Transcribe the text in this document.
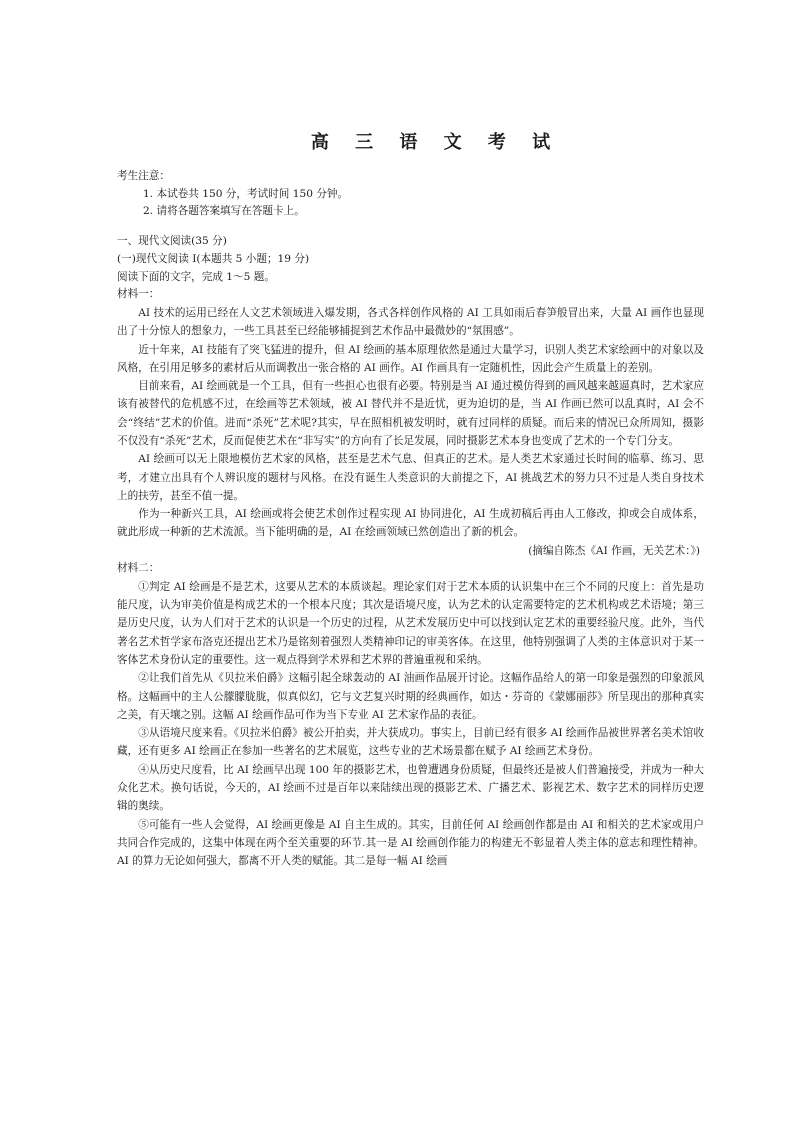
高 三 语 文 考 试

考生注意：

1. 本试卷共 150 分，考试时间 150 分钟。

2. 请将各题答案填写在答题卡上。

一、现代文阅读(35 分)

(一)现代文阅读 I(本题共 5 小题；19 分)

阅读下面的文字，完成 1～5 题。

材料一：

AI 技术的运用已经在人文艺术领域进入爆发期，各式各样创作风格的 AI 工具如雨后春笋般冒出来，大量 AI 画作也显现出了十分惊人的想象力，一些工具甚至已经能够捕捉到艺术作品中最微妙的“氛围感”。

近十年来，AI 技能有了突飞猛进的提升，但 AI 绘画的基本原理依然是通过大量学习，识别人类艺术家绘画中的对象以及风格，在引用足够多的素材后从而调教出一张合格的 AI 画作。AI 作画具有一定随机性，因此会产生质量上的差别。

目前来看，AI 绘画就是一个工具，但有一些担心也很有必要。特别是当 AI 通过模仿得到的画风越来越逼真时，艺术家应该有被替代的危机感不过，在绘画等艺术领域，被 AI 替代并不是近忧，更为迫切的是，当 AI 作画已然可以乱真时，AI 会不会“终结”艺术的价值。进而“杀死”艺术呢?其实，早在照相机被发明时，就有过同样的质疑。而后来的情况已众所周知，摄影不仅没有“杀死”艺术，反而促使艺术在“非写实”的方向有了长足发展，同时摄影艺术本身也变成了艺术的一个专门分支。

AI 绘画可以无上限地模仿艺术家的风格，甚至是艺术气息、但真正的艺术。是人类艺术家通过长时间的临摹、练习、思考，才建立出具有个人辨识度的题材与风格。在没有诞生人类意识的大前提之下，AI 挑战艺术的努力只不过是人类自身技术上的扶劳，甚至不值一提。

作为一种新兴工具，AI 绘画或将会使艺术创作过程实现 AI 协同进化，AI 生成初稿后再由人工修改，抑或会自成体系，就此形成一种新的艺术流派。当下能明确的是，AI 在绘画领域已然创造出了新的机会。

(摘编自陈杰《AI 作画，无关艺术：》)

材料二：

①判定 AI 绘画是不是艺术，这要从艺术的本质谈起。理论家们对于艺术本质的认识集中在三个不同的尺度上：首先是功能尺度，认为审美价值是构成艺术的一个根本尺度；其次是语境尺度，认为艺术的认定需要特定的艺术机构或艺术语境；第三是历史尺度，认为人们对于艺术的认识是一个历史的过程，从艺术发展历史中可以找到认定艺术的重要经验尺度。此外，当代著名艺术哲学家布洛克还提出艺术乃是铭刻着强烈人类精神印记的审美客体。在这里，他特别强调了人类的主体意识对于某一客体艺术身份认定的重要性。这一观点得到学术界和艺术界的普遍重视和采纳。

②让我们首先从《贝拉米伯爵》这幅引起全球轰动的 AI 油画作品展开讨论。这幅作品给人的第一印象是强烈的印象派风格。这幅画中的主人公朦朦胧胧，似真似幻，它与文艺复兴时期的经典画作，如达・芬奇的《蒙娜丽莎》所呈现出的那种真实之美，有天壤之别。这幅 AI 绘画作品可作为当下专业 AI 艺术家作品的表征。

③从语境尺度来看。《贝拉米伯爵》被公开拍卖，并大获成功。事实上，目前已经有很多 AI 绘画作品被世界著名美术馆收藏，还有更多 AI 绘画正在参加一些著名的艺术展览，这些专业的艺术场景都在赋予 AI 绘画艺术身份。

④从历史尺度看，比 AI 绘画早出现 100 年的摄影艺术，也曾遭遇身份质疑，但最终还是被人们普遍接受，并成为一种大众化艺术。换句话说，今天的，AI 绘画不过是百年以来陆续出现的摄影艺术、广播艺术、影视艺术、数字艺术的同样历史逻辑的奥续。

⑤可能有一些人会觉得，AI 绘画更像是 AI 自主生成的。其实，目前任何 AI 绘画创作都是由 AI 和相关的艺术家或用户共同合作完成的，这集中体现在两个至关重要的环节.其一是 AI 绘画创作能力的构建无不彰显着人类主体的意志和理性精神。AI 的算力无论如何强大，都离不开人类的赋能。其二是每一幅 AI 绘画
